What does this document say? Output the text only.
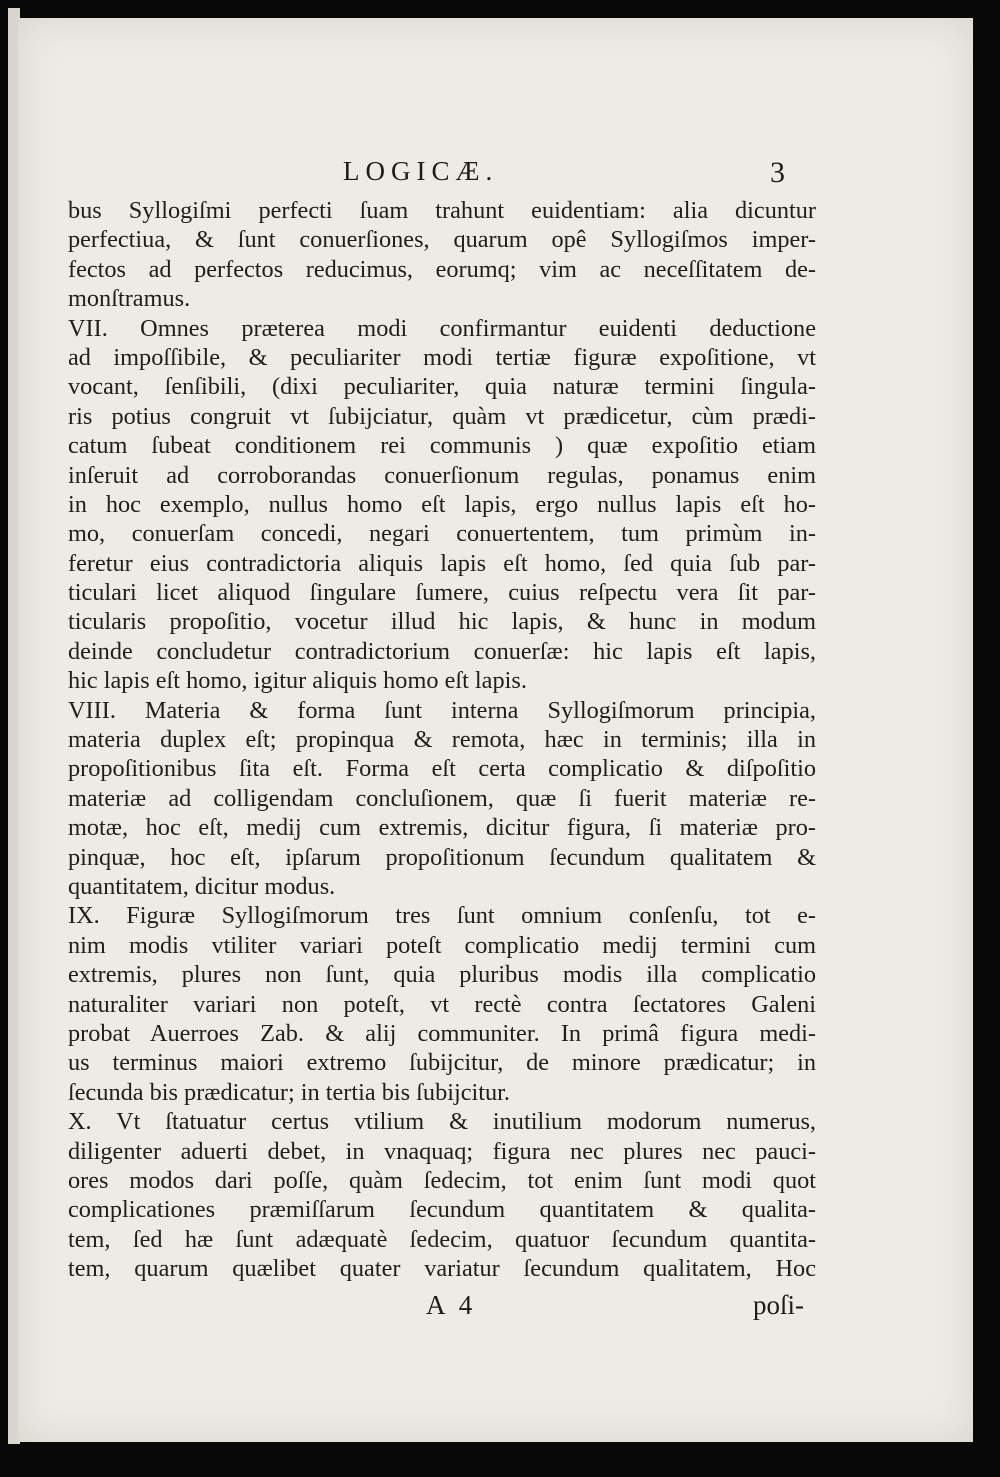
LOGICÆ.	3
bus Syllogiſmi perfecti ſuam trahunt euidentiam: alia dicuntur
perfectiua, & ſunt conuerſiones, quarum opê Syllogiſmos imper-
fectos ad perfectos reducimus, eorumq; vim ac neceſſitatem de-
monſtramus.
VII. Omnes præterea modi confirmantur euidenti deductione
ad impoſſibile, & peculiariter modi tertiæ figuræ expoſitione, vt
vocant, ſenſibili, (dixi peculiariter, quia naturæ termini ſingula-
ris potius congruit vt ſubijciatur, quàm vt prædicetur, cùm prædi-
catum ſubeat conditionem rei communis ) quæ expoſitio etiam
inſeruit ad corroborandas conuerſionum regulas, ponamus enim
in hoc exemplo, nullus homo eſt lapis, ergo nullus lapis eſt ho-
mo, conuerſam concedi, negari conuertentem, tum primùm in-
feretur eius contradictoria aliquis lapis eſt homo, ſed quia ſub par-
ticulari licet aliquod ſingulare ſumere, cuius reſpectu vera ſit par-
ticularis propoſitio, vocetur illud hic lapis, & hunc in modum
deinde concludetur contradictorium conuerſæ: hic lapis eſt lapis,
hic lapis eſt homo, igitur aliquis homo eſt lapis.
VIII. Materia & forma ſunt interna Syllogiſmorum principia,
materia duplex eſt; propinqua & remota, hæc in terminis; illa in
propoſitionibus ſita eſt. Forma eſt certa complicatio & diſpoſitio
materiæ ad colligendam concluſionem, quæ ſi fuerit materiæ re-
motæ, hoc eſt, medij cum extremis, dicitur figura, ſi materiæ pro-
pinquæ, hoc eſt, ipſarum propoſitionum ſecundum qualitatem &
quantitatem, dicitur modus.
IX. Figuræ Syllogiſmorum tres ſunt omnium conſenſu, tot e-
nim modis vtiliter variari poteſt complicatio medij termini cum
extremis, plures non ſunt, quia pluribus modis illa complicatio
naturaliter variari non poteſt, vt rectè contra ſectatores Galeni
probat Auerroes Zab. & alij communiter. In primâ figura medi-
us terminus maiori extremo ſubijcitur, de minore prædicatur; in
ſecunda bis prædicatur; in tertia bis ſubijcitur.
X. Vt ſtatuatur certus vtilium & inutilium modorum numerus,
diligenter aduerti debet, in vnaquaq; figura nec plures nec pauci-
ores modos dari poſſe, quàm ſedecim, tot enim ſunt modi quot
complicationes præmiſſarum ſecundum quantitatem & qualita-
tem, ſed hæ ſunt adæquatè ſedecim, quatuor ſecundum quantita-
tem, quarum quælibet quater variatur ſecundum qualitatem, Hoc
A 4	poſi-
